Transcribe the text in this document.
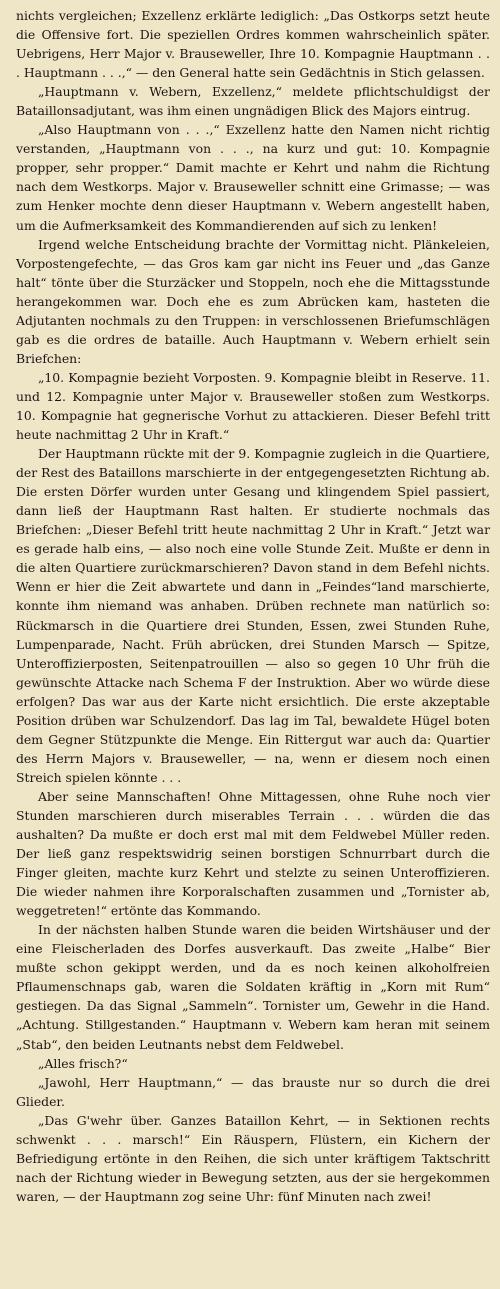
nichts vergleichen; Exzellenz erklärte lediglich: „Das Ostkorps setzt heute die Offensive fort. Die speziellen Ordres kommen wahrscheinlich später. Uebrigens, Herr Major v. Brauseweller, Ihre 10. Kompagnie Hauptmann . . . Hauptmann . . .,“ — den General hatte sein Gedächtnis in Stich gelassen.

„Hauptmann v. Webern, Exzellenz,“ meldete pflichtschuldigst der Bataillonsadjutant, was ihm einen ungnädigen Blick des Majors eintrug.

„Also Hauptmann von . . .,“ Exzellenz hatte den Namen nicht richtig verstanden, „Hauptmann von . . ., na kurz und gut: 10. Kompagnie propper, sehr propper.“ Damit machte er Kehrt und nahm die Richtung nach dem Westkorps. Major v. Brauseweller schnitt eine Grimasse; — was zum Henker mochte denn dieser Hauptmann v. Webern angestellt haben, um die Aufmerksamkeit des Kommandierenden auf sich zu lenken!

Irgend welche Entscheidung brachte der Vormittag nicht. Plänkeleien, Vorpostengefechte, — das Gros kam gar nicht ins Feuer und „das Ganze halt“ tönte über die Sturzäcker und Stoppeln, noch ehe die Mittagsstunde herangekommen war. Doch ehe es zum Abrücken kam, hasteten die Adjutanten nochmals zu den Truppen: in verschlossenen Briefumschlägen gab es die ordres de bataille. Auch Hauptmann v. Webern erhielt sein Briefchen:

„10. Kompagnie bezieht Vorposten. 9. Kompagnie bleibt in Reserve. 11. und 12. Kompagnie unter Major v. Brauseweller stoßen zum Westkorps. 10. Kompagnie hat gegnerische Vorhut zu attackieren. Dieser Befehl tritt heute nachmittag 2 Uhr in Kraft.“

Der Hauptmann rückte mit der 9. Kompagnie zugleich in die Quartiere, der Rest des Bataillons marschierte in der entgegengesetzten Richtung ab. Die ersten Dörfer wurden unter Gesang und klingendem Spiel passiert, dann ließ der Hauptmann Rast halten. Er studierte nochmals das Briefchen: „Dieser Befehl tritt heute nachmittag 2 Uhr in Kraft.“ Jetzt war es gerade halb eins, — also noch eine volle Stunde Zeit. Mußte er denn in die alten Quartiere zurückmarschieren? Davon stand in dem Befehl nichts. Wenn er hier die Zeit abwartete und dann in „Feindes“land marschierte, konnte ihm niemand was anhaben. Drüben rechnete man natürlich so: Rückmarsch in die Quartiere drei Stunden, Essen, zwei Stunden Ruhe, Lumpenparade, Nacht. Früh abrücken, drei Stunden Marsch — Spitze, Unteroffizierposten, Seitenpatrouillen — also so gegen 10 Uhr früh die gewünschte Attacke nach Schema F der Instruktion. Aber wo würde diese erfolgen? Das war aus der Karte nicht ersichtlich. Die erste akzeptable Position drüben war Schulzendorf. Das lag im Tal, bewaldete Hügel boten dem Gegner Stützpunkte die Menge. Ein Rittergut war auch da: Quartier des Herrn Majors v. Brauseweller, — na, wenn er diesem noch einen Streich spielen könnte . . .

Aber seine Mannschaften! Ohne Mittagessen, ohne Ruhe noch vier Stunden marschieren durch miserables Terrain . . . würden die das aushalten? Da mußte er doch erst mal mit dem Feldwebel Müller reden. Der ließ ganz respektswidrig seinen borstigen Schnurrbart durch die Finger gleiten, machte kurz Kehrt und stelzte zu seinen Unteroffizieren. Die wieder nahmen ihre Korporalschaften zusammen und „Tornister ab, weggetreten!“ ertönte das Kommando.

In der nächsten halben Stunde waren die beiden Wirtshäuser und der eine Fleischerladen des Dorfes ausverkauft. Das zweite „Halbe“ Bier mußte schon gekippt werden, und da es noch keinen alkoholfreien Pflaumenschnaps gab, waren die Soldaten kräftig in „Korn mit Rum“ gestiegen. Da das Signal „Sammeln“. Tornister um, Gewehr in die Hand. „Achtung. Stillgestanden.“ Hauptmann v. Webern kam heran mit seinem „Stab“, den beiden Leutnants nebst dem Feldwebel.

„Alles frisch?“

„Jawohl, Herr Hauptmann,“ — das brauste nur so durch die drei Glieder.

„Das G'wehr über. Ganzes Bataillon Kehrt, — in Sektionen rechts schwenkt . . . marsch!“ Ein Räuspern, Flüstern, ein Kichern der Befriedigung ertönte in den Reihen, die sich unter kräftigem Taktschritt nach der Richtung wieder in Bewegung setzten, aus der sie hergekommen waren, — der Hauptmann zog seine Uhr: fünf Minuten nach zwei!
